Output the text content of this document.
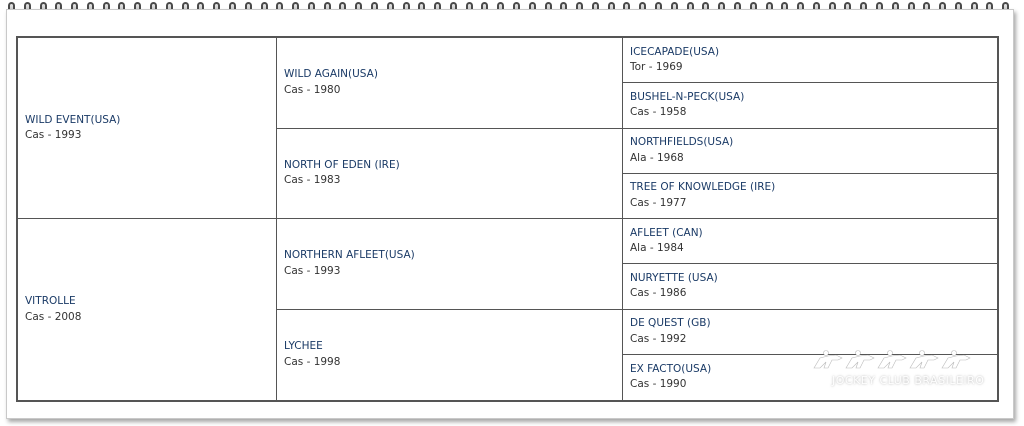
WILD EVENT(USA)
Cas - 1993
VITROLLE
Cas - 2008
WILD AGAIN(USA)
Cas - 1980
NORTH OF EDEN (IRE)
Cas - 1983
NORTHERN AFLEET(USA)
Cas - 1993
LYCHEE
Cas - 1998
ICECAPADE(USA)
Tor - 1969
BUSHEL-N-PECK(USA)
Cas - 1958
NORTHFIELDS(USA)
Ala - 1968
TREE OF KNOWLEDGE (IRE)
Cas - 1977
AFLEET (CAN)
Ala - 1984
NURYETTE (USA)
Cas - 1986
DE QUEST (GB)
Cas - 1992
EX FACTO(USA)
Cas - 1990	JOCKEY CLUB BRASILEIRO
